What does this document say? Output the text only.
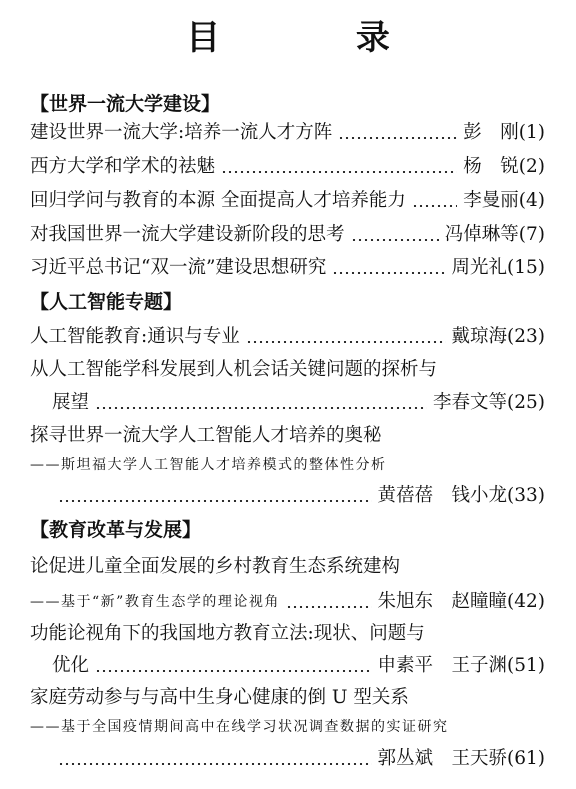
目 录
【世界一流大学建设】
建设世界一流大学:培养一流人才方阵	彭　刚 (1)
西方大学和学术的祛魅	杨　锐 (2)
回归学问与教育的本源 全面提高人才培养能力	李曼丽 (4)
对我国世界一流大学建设新阶段的思考	冯倬琳等 (7)
习近平总书记“双一流”建设思想研究	周光礼 (15)
【人工智能专题】
人工智能教育:通识与专业	戴琼海 (23)
从人工智能学科发展到人机会话关键问题的探析与
展望	李春文等 (25)
探寻世界一流大学人工智能人才培养的奥秘
——斯坦福大学人工智能人才培养模式的整体性分析
黄蓓蓓　钱小龙 (33)
【教育改革与发展】
论促进儿童全面发展的乡村教育生态系统建构
——基于“新”教育生态学的理论视角	朱旭东　赵瞳瞳 (42)
功能论视角下的我国地方教育立法:现状、问题与
优化	申素平　王子渊 (51)
家庭劳动参与与高中生身心健康的倒 U 型关系
——基于全国疫情期间高中在线学习状况调查数据的实证研究
郭丛斌　王天骄 (61)
